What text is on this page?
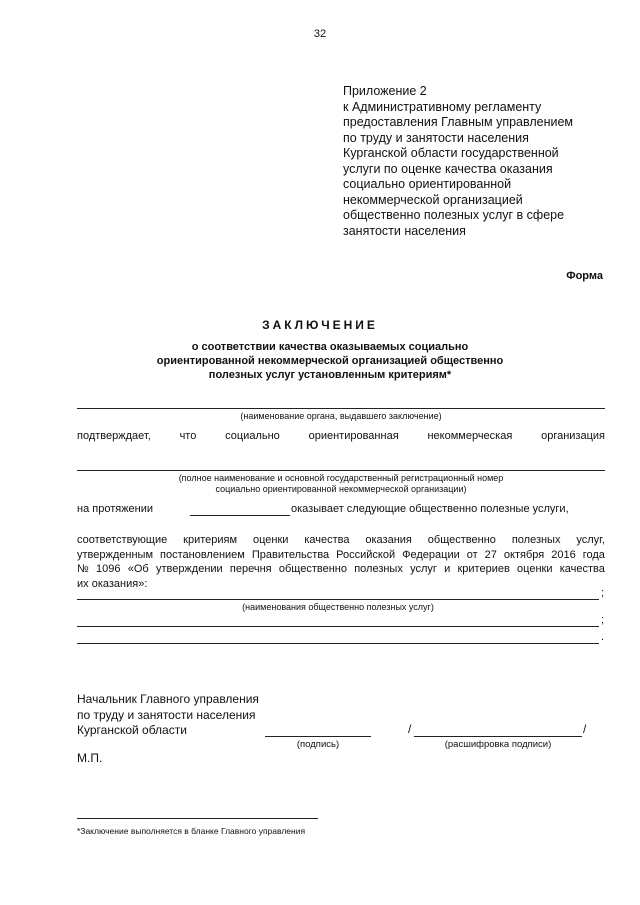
32
Приложение 2
к Административному регламенту
предоставления Главным управлением
по труду и занятости населения
Курганской области государственной
услуги по оценке качества оказания
социально ориентированной
некоммерческой организацией
общественно полезных услуг в сфере
занятости населения
Форма
ЗАКЛЮЧЕНИЕ
о соответствии качества оказываемых социально
ориентированной некоммерческой организацией общественно
полезных услуг установленным критериям*
(наименование органа, выдавшего заключение)
подтверждает,	что	социально	ориентированная	некоммерческая	организация
(полное наименование и основной государственный регистрационный номер
социально ориентированной некоммерческой организации)
на протяжении	оказывает следующие общественно полезные услуги,
соответствующие критериям оценки качества оказания общественно полезных услуг,
утвержденным постановлением Правительства Российской Федерации от 27 октября 2016 года
№ 1096 «Об утверждении перечня общественно полезных услуг и критериев оценки качества
их оказания»:
;
(наименования общественно полезных услуг)
;
.
Начальник Главного управления
по труду и занятости населения
Курганской области
(подпись)
/	/
(расшифровка подписи)
М.П.
*Заключение выполняется в бланке Главного управления
